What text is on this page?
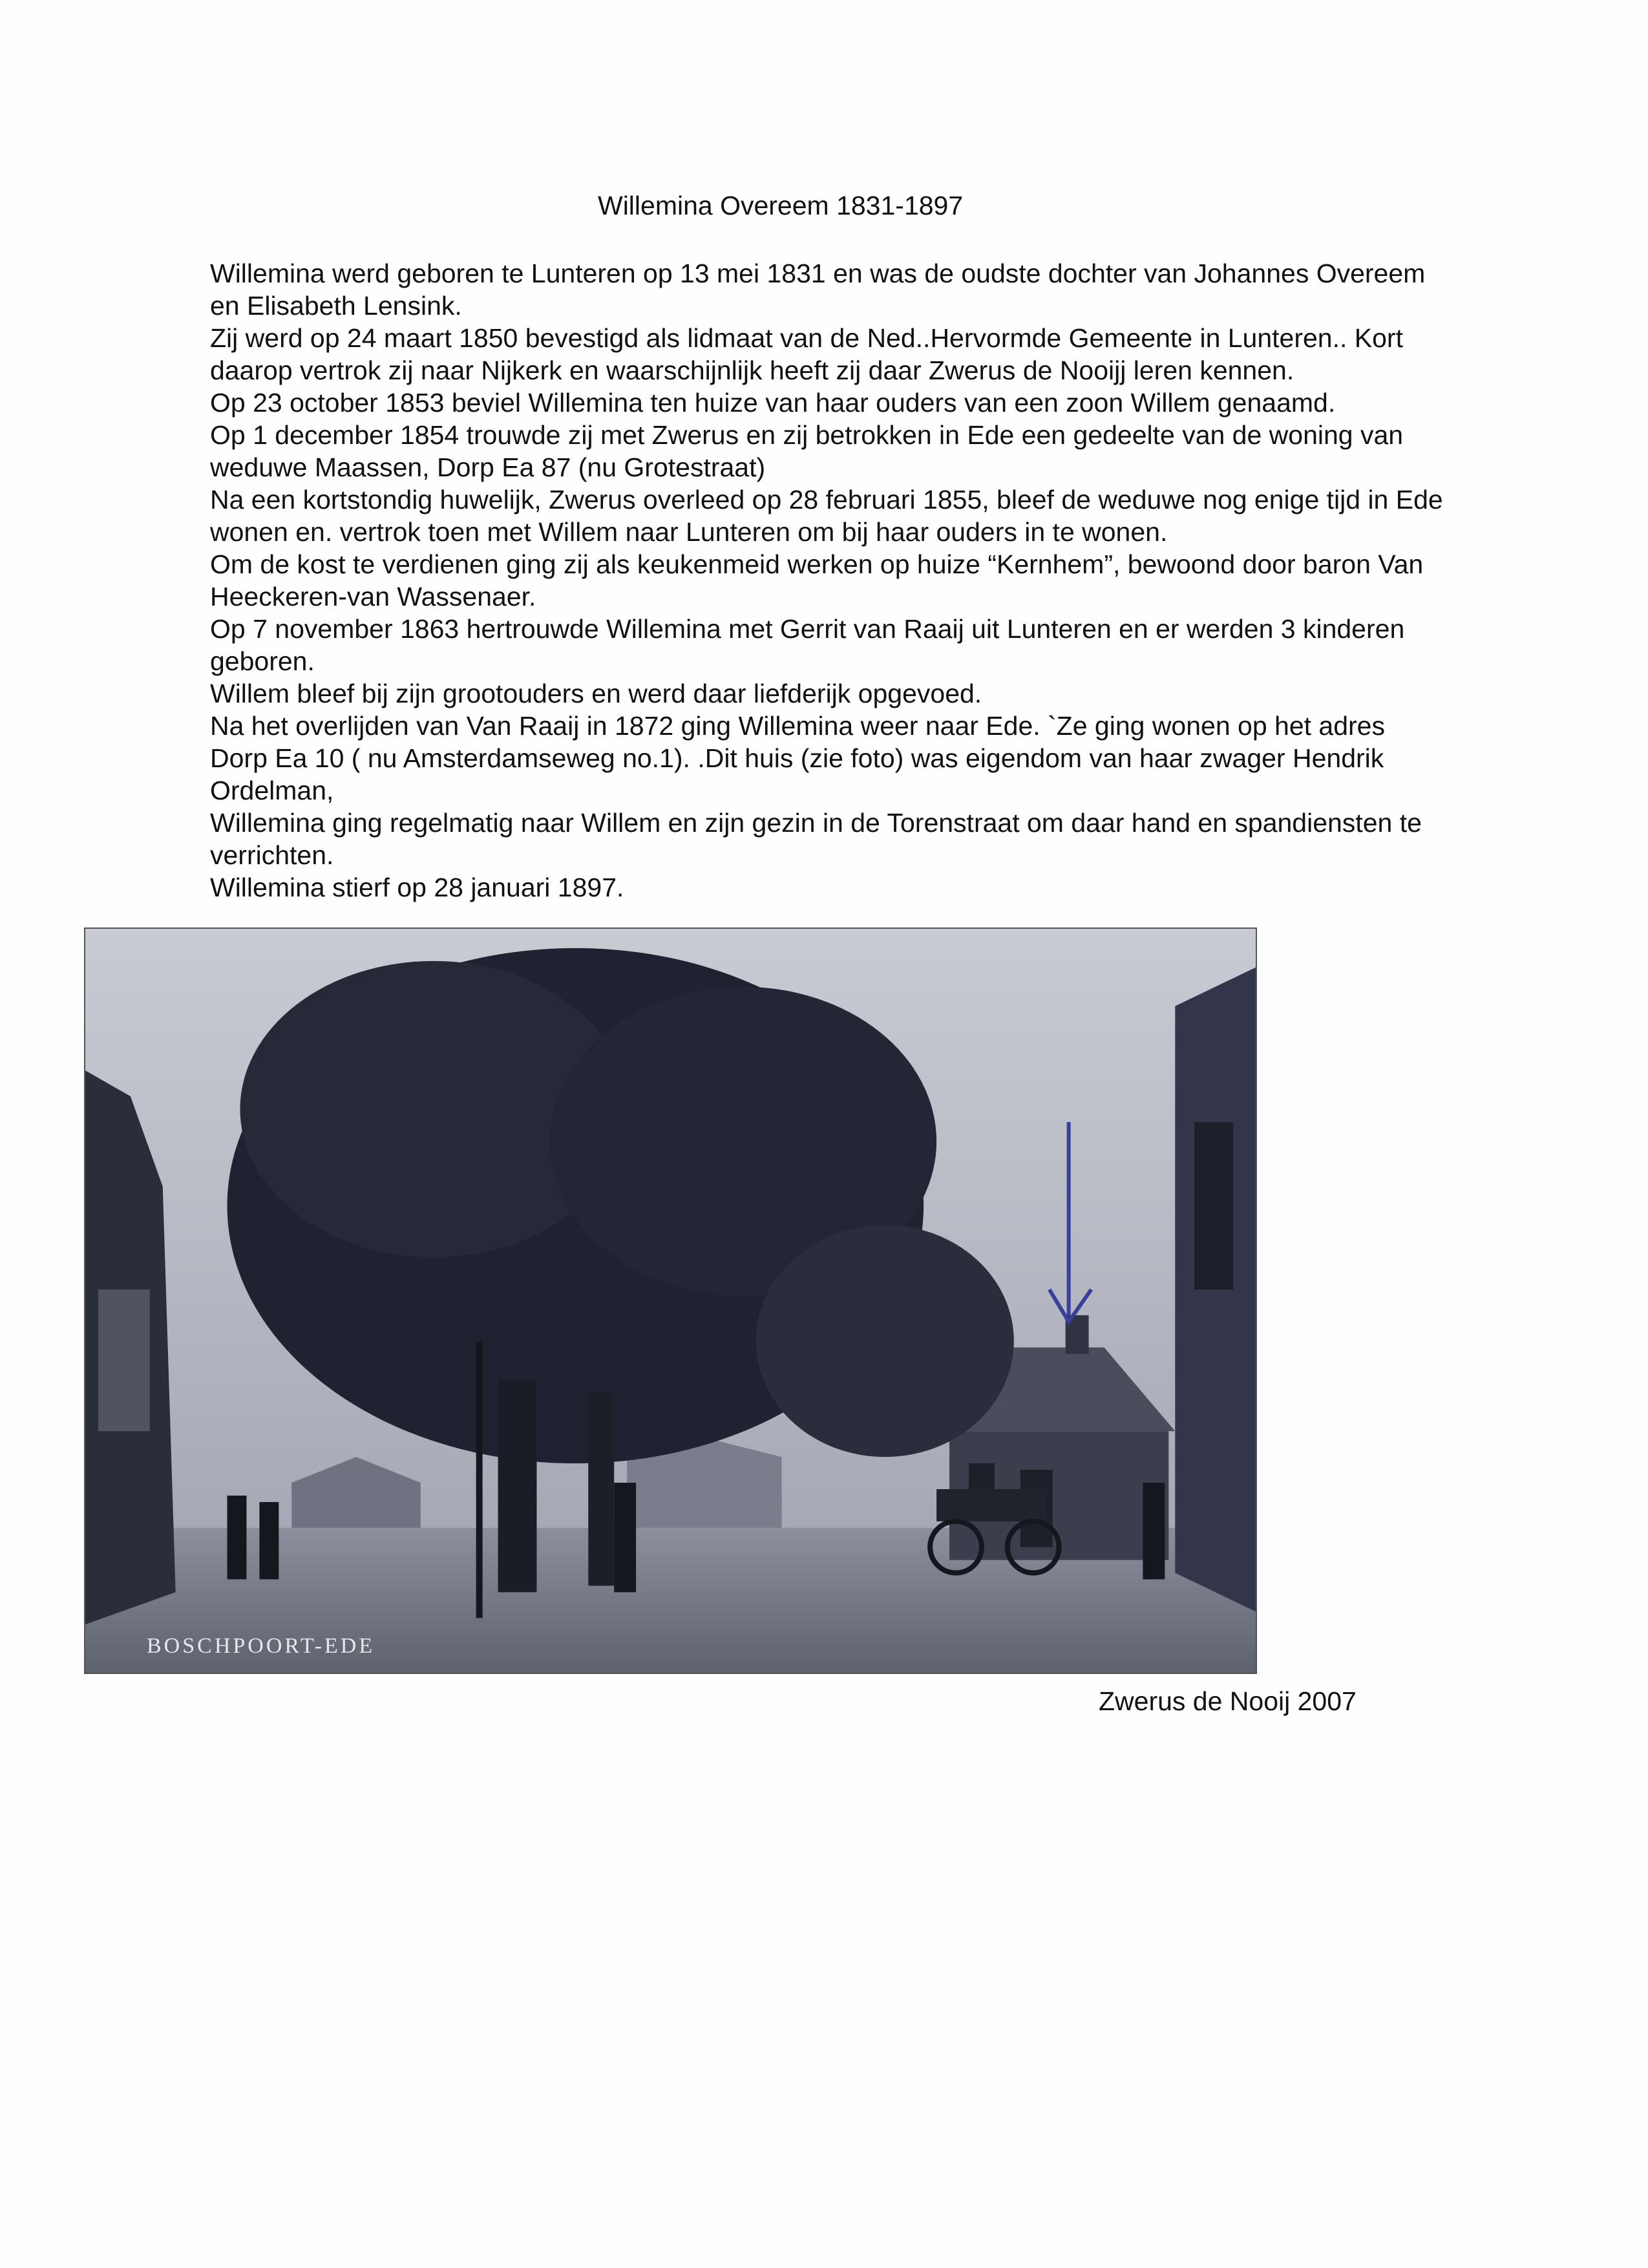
Willemina Overeem 1831-1897
Willemina werd geboren te Lunteren op 13 mei 1831 en was de oudste dochter van Johannes Overeem
en Elisabeth Lensink.
Zij werd op 24 maart 1850 bevestigd als lidmaat van de Ned..Hervormde Gemeente in Lunteren.. Kort
daarop vertrok zij naar Nijkerk en waarschijnlijk heeft zij daar Zwerus de Nooijj leren kennen.
Op 23 october 1853 beviel Willemina ten huize van haar ouders van een zoon Willem genaamd.
Op 1 december 1854 trouwde zij met Zwerus en zij betrokken in Ede een gedeelte van de woning van
weduwe Maassen, Dorp Ea 87 (nu Grotestraat)
Na een kortstondig huwelijk, Zwerus overleed op 28 februari 1855, bleef de weduwe nog enige tijd in Ede
wonen en. vertrok toen met Willem naar Lunteren om bij haar ouders in te wonen.
Om de kost te verdienen ging zij als keukenmeid werken op huize “Kernhem”, bewoond door baron Van
Heeckeren-van Wassenaer.
Op 7 november 1863 hertrouwde Willemina met Gerrit van Raaij uit Lunteren en er werden 3 kinderen
geboren.
Willem bleef bij zijn grootouders en werd daar liefderijk opgevoed.
Na het overlijden van Van Raaij in 1872 ging Willemina weer naar Ede. `Ze ging wonen op het adres
Dorp Ea 10 ( nu Amsterdamseweg no.1). .Dit huis (zie foto) was eigendom van haar zwager Hendrik
Ordelman,
Willemina ging regelmatig naar Willem en zijn gezin in de Torenstraat om daar hand en spandiensten te
verrichten.
Willemina stierf op 28 januari 1897.
BOSCHPOORT-EDE
Zwerus de Nooij 2007
